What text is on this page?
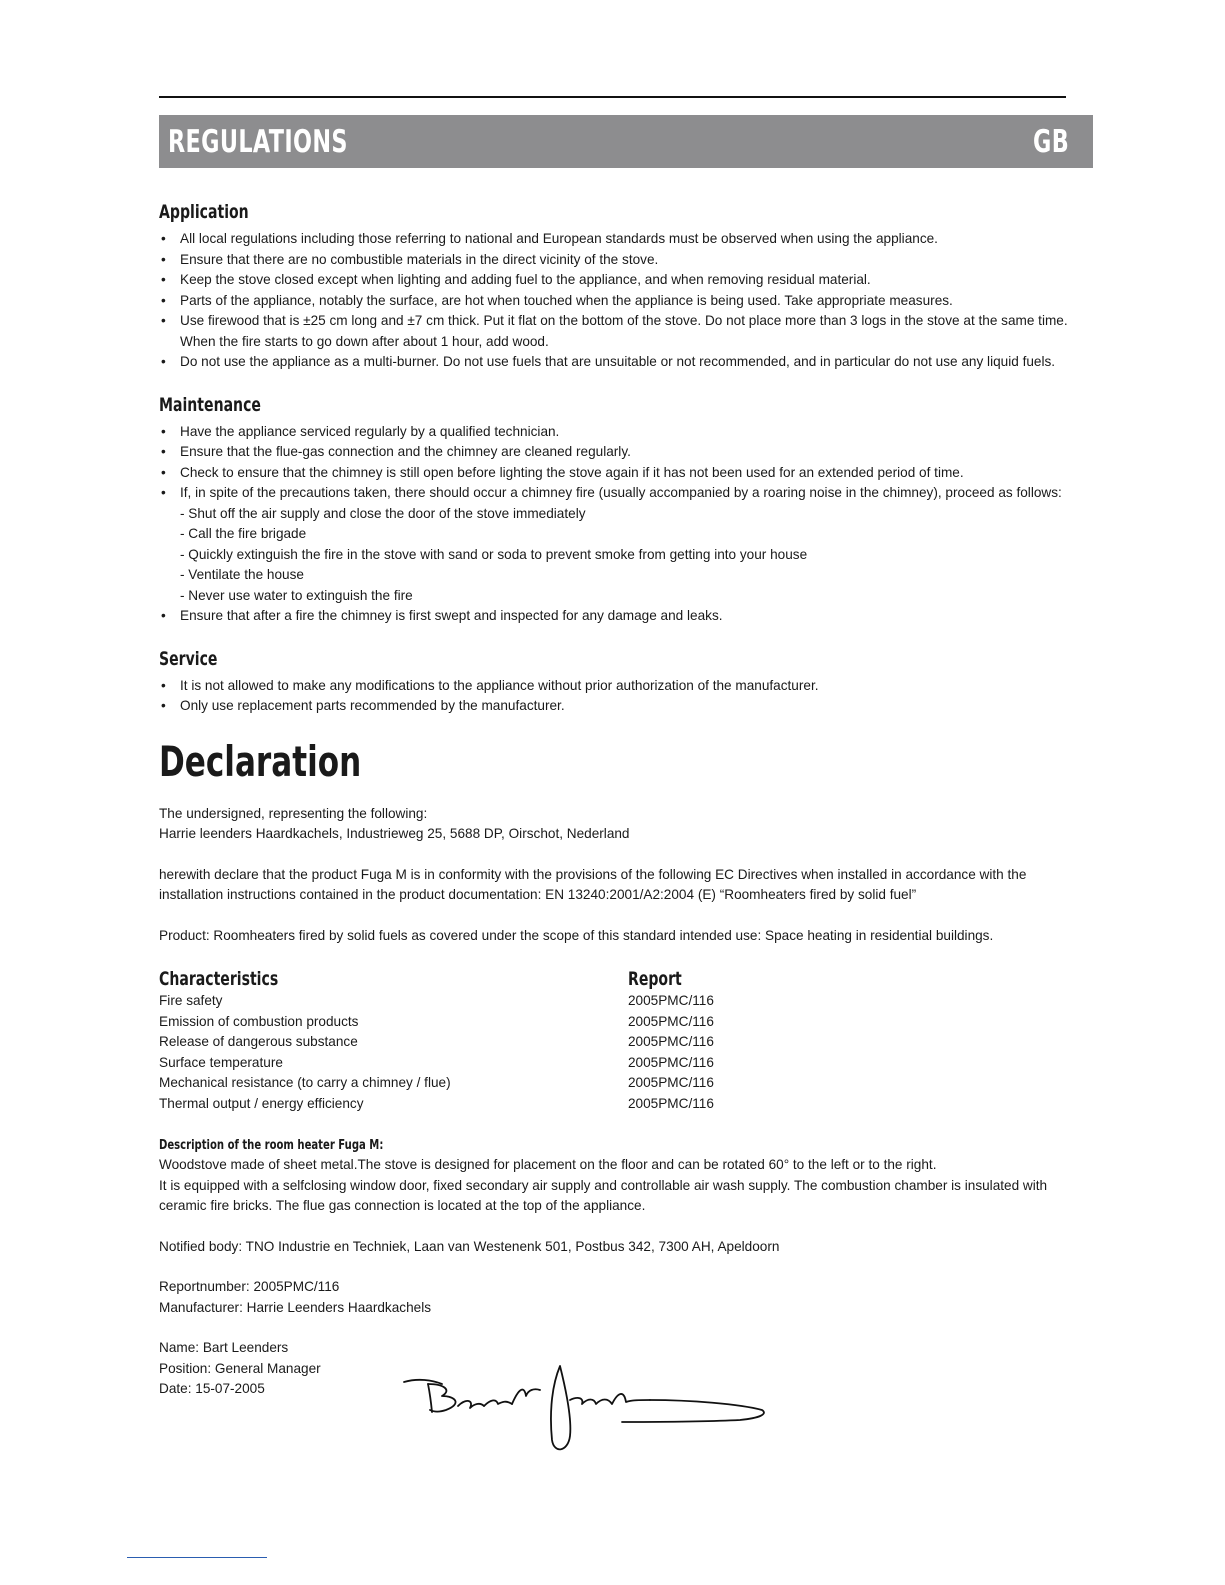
REGULATIONS	GB
Application
• All local regulations including those referring to national and European standards must be observed when using the appliance.
• Ensure that there are no combustible materials in the direct vicinity of the stove.
• Keep the stove closed except when lighting and adding fuel to the appliance, and when removing residual material.
• Parts of the appliance, notably the surface, are hot when touched when the appliance is being used. Take appropriate measures.
• Use firewood that is ±25 cm long and ±7 cm thick. Put it flat on the bottom of the stove. Do not place more than 3 logs in the stove at the same time. When the fire starts to go down after about 1 hour, add wood.
• Do not use the appliance as a multi-burner. Do not use fuels that are unsuitable or not recommended, and in particular do not use any liquid fuels.
Maintenance
• Have the appliance serviced regularly by a qualified technician.
• Ensure that the flue-gas connection and the chimney are cleaned regularly.
• Check to ensure that the chimney is still open before lighting the stove again if it has not been used for an extended period of time.
• If, in spite of the precautions taken, there should occur a chimney fire (usually accompanied by a roaring noise in the chimney), proceed as follows:
- Shut off the air supply and close the door of the stove immediately
- Call the fire brigade
- Quickly extinguish the fire in the stove with sand or soda to prevent smoke from getting into your house
- Ventilate the house
- Never use water to extinguish the fire
• Ensure that after a fire the chimney is first swept and inspected for any damage and leaks.
Service
• It is not allowed to make any modifications to the appliance without prior authorization of the manufacturer.
• Only use replacement parts recommended by the manufacturer.
Declaration

The undersigned, representing the following:

Harrie leenders Haardkachels, Industrieweg 25, 5688 DP, Oirschot, Nederland

herewith declare that the product Fuga M is in conformity with the provisions of the following EC Directives when installed in accordance with the installation instructions contained in the product documentation: EN 13240:2001/A2:2004 (E) “Roomheaters fired by solid fuel”

Product: Roomheaters fired by solid fuels as covered under the scope of this standard intended use: Space heating in residential buildings.

Characteristics	Report
Fire safety	2005PMC/116
Emission of combustion products	2005PMC/116
Release of dangerous substance	2005PMC/116
Surface temperature	2005PMC/116
Mechanical resistance (to carry a chimney / flue)	2005PMC/116
Thermal output / energy efficiency	2005PMC/116
Description of the room heater Fuga M:

Woodstove made of sheet metal.The stove is designed for placement on the floor and can be rotated 60° to the left or to the right.

It is equipped with a selfclosing window door, fixed secondary air supply and controllable air wash supply. The combustion chamber is insulated with ceramic fire bricks. The flue gas connection is located at the top of the appliance.

Notified body: TNO Industrie en Techniek, Laan van Westenenk 501, Postbus 342, 7300 AH, Apeldoorn

Reportnumber: 2005PMC/116

Manufacturer: Harrie Leenders Haardkachels

Name: Bart Leenders

Position: General Manager

Date: 15-07-2005
